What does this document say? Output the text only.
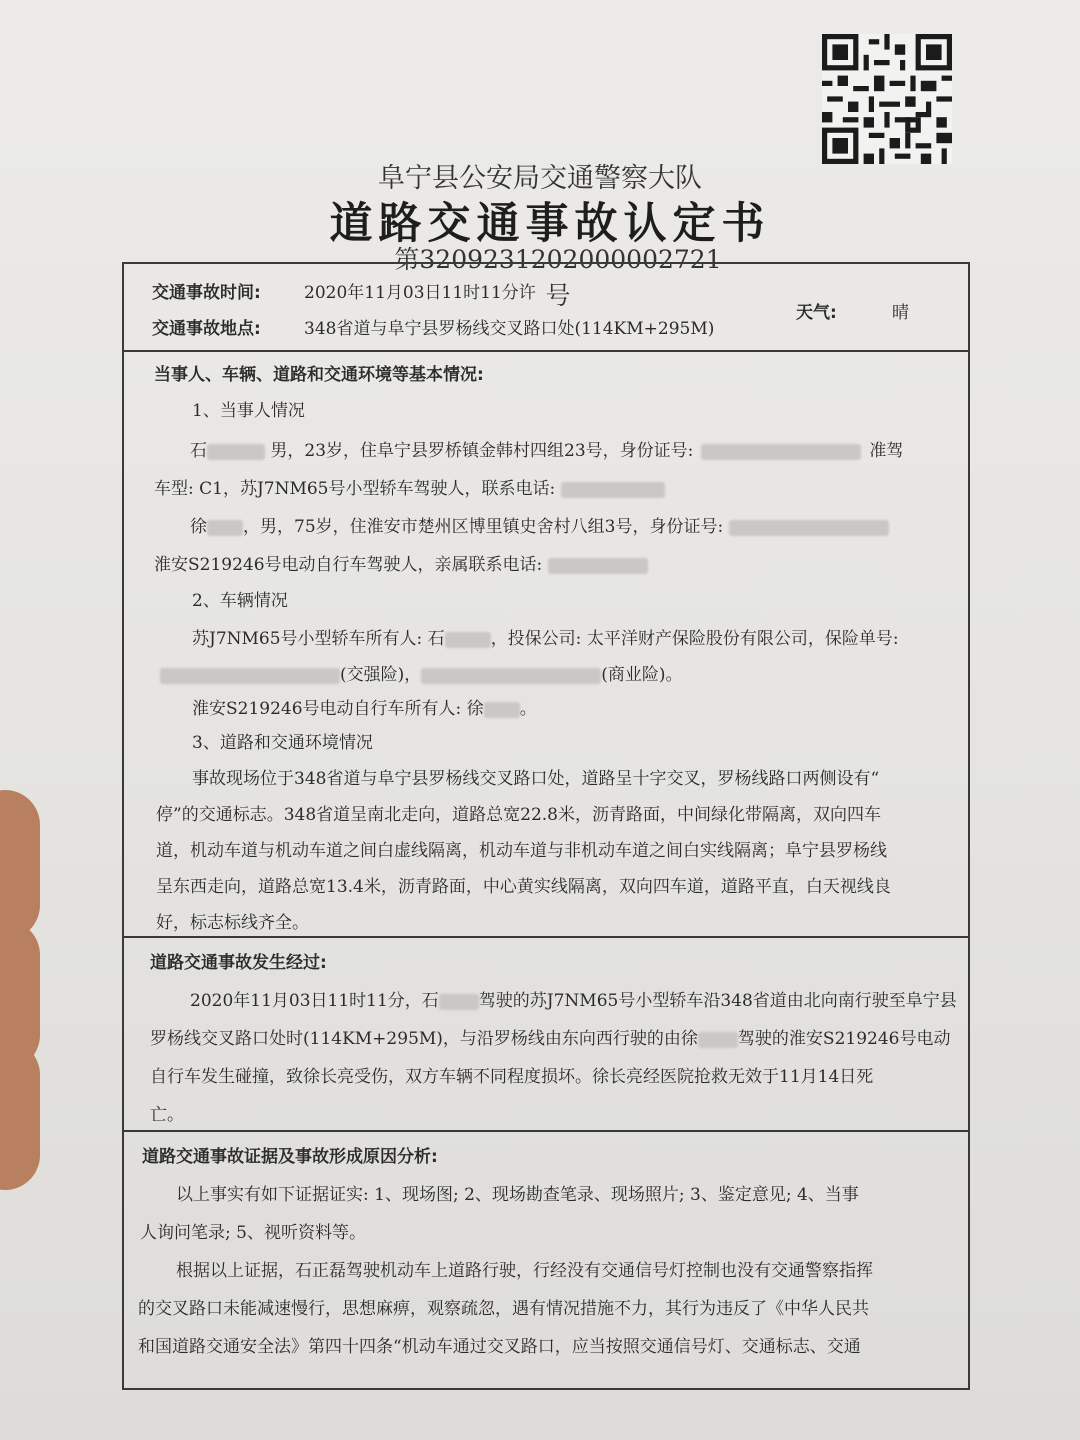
阜宁县公安局交通警察大队
道路交通事故认定书
第320923120200000272​1号
交通事故时间:	2020年11月03日11时11分许
天气:	晴
交通事故地点:	348省道与阜宁县罗杨线交叉路口处(114KM+295M)
当事人、车辆、道路和交通环境等基本情况:
1、当事人情况
石	男，23岁，住阜宁县罗桥镇金韩村四组23号，身份证号:	准驾
车型: C1，苏J7NM65号小型轿车驾驶人，联系电话:
徐 ，男，75岁，住淮安市楚州区博里镇史舍村八组3号，身份证号:
淮安S219246号电动自行车驾驶人，亲属联系电话:
2、车辆情况
苏J7NM65号小型轿车所有人: 石	，投保公司: 太平洋财产保险股份有限公司，保险单号:
(交强险)，	(商业险)。
淮安S219246号电动自行车所有人: 徐 。
3、道路和交通环境情况
事故现场位于348省道与阜宁县罗杨线交叉路口处，道路呈十字交叉，罗杨线路口两侧设有“
停”的交通标志。348省道呈南北走向，道路总宽22.8米，沥青路面，中间绿化带隔离，双向四车
道，机动车道与机动车道之间白虚线隔离，机动车道与非机动车道之间白实线隔离；阜宁县罗杨线
呈东西走向，道路总宽13.4米，沥青路面，中心黄实线隔离，双向四车道，道路平直，白天视线良
好，标志标线齐全。
道路交通事故发生经过:
2020年11月03日11时11分，石 驾驶的苏J7NM65号小型轿车沿348省道由北向南行驶至阜宁县
罗杨线交叉路口处时(114KM+295M)，与沿罗杨线由东向西行驶的由徐 驾驶的淮安S219246号电动
自行车发生碰撞，致徐长亮受伤，双方车辆不同程度损坏。徐长亮经医院抢救无效于11月14日死
亡。
道路交通事故证据及事故形成原因分析:
以上事实有如下证据证实: 1、现场图; 2、现场勘查笔录、现场照片; 3、鉴定意见; 4、当事
人询问笔录; 5、视听资料等。
根据以上证据，石正磊驾驶机动车上道路行驶，行经没有交通信号灯控制也没有交通警察指挥
的交叉路口未能减速慢行，思想麻痹，观察疏忽，遇有情况措施不力，其行为违反了《中华人民共
和国道路交通安全法》第四十四条“机动车通过交叉路口，应当按照交通信号灯、交通标志、交通
